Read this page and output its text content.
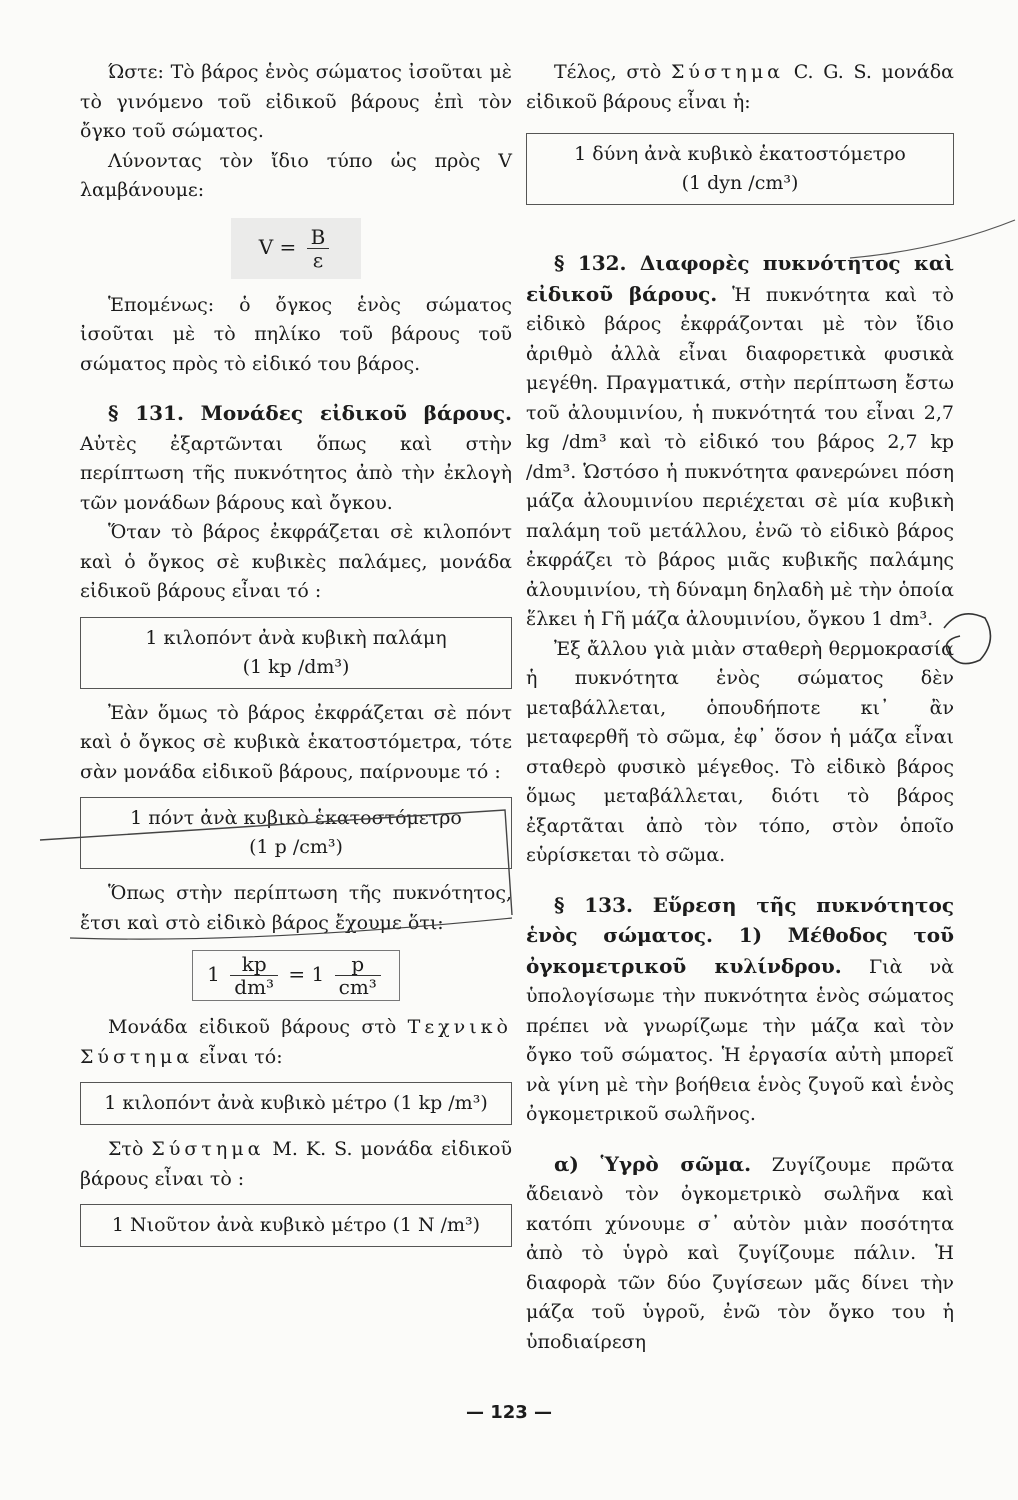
Ώστε: Τὸ βάρος ἑνὸς σώματος ἰσοῦται μὲ τὸ γινόμενο τοῦ εἰδικοῦ βάρους ἐπὶ τὸν ὄγκο τοῦ σώματος.

Λύνοντας τὸν ἴδιο τύπο ὡς πρὸς V λαμβάνουμε:

$V = \frac{B}{\varepsilon}$

Ἑπομένως: ὁ ὄγκος ἑνὸς σώματος ἰσοῦται μὲ τὸ πηλίκο τοῦ βάρους τοῦ σώματος πρὸς τὸ εἰδικό του βάρος.

§ 131. Μονάδες εἰδικοῦ βάρους. Αὐτὲς ἐξαρτῶνται ὅπως καὶ στὴν περίπτωση τῆς πυκνότητος ἀπὸ τὴν ἐκλογὴ τῶν μονάδων βάρους καὶ ὄγκου.

Ὅταν τὸ βάρος ἐκφράζεται σὲ κιλοπόντ καὶ ὁ ὄγκος σὲ κυβικὲς παλάμες, μονάδα εἰδικοῦ βάρους εἶναι τό :

1 κιλοπόντ ἀνὰ κυβικὴ παλάμη
(1 kp /dm³)

Ἐὰν ὅμως τὸ βάρος ἐκφράζεται σὲ πόντ καὶ ὁ ὄγκος σὲ κυβικὰ ἑκατοστόμετρα, τότε σὰν μονάδα εἰδικοῦ βάρους, παίρνουμε τό :

1 πόντ ἀνὰ κυβικὸ ἑκατοστόμετρο
(1 p /cm³)

Ὅπως στὴν περίπτωση τῆς πυκνότητος, ἔτσι καὶ στὸ εἰδικὸ βάρος ἔχουμε ὅτι:

$1 \frac{kp}{\text{dm³}} = 1 \frac{p}{\text{cm³}}$

Μονάδα εἰδικοῦ βάρους στὸ Τεχνικὸ Σύστημα εἶναι τό:

1 κιλοπόντ ἀνὰ κυβικὸ μέτρο (1 kp /m³)

Στὸ Σύστημα M. K. S. μονάδα εἰδικοῦ βάρους εἶναι τὸ :

1 Νιοῦτον ἀνὰ κυβικὸ μέτρο (1 N /m³)

Τέλος, στὸ Σύστημα C. G. S. μονάδα εἰδικοῦ βάρους εἶναι ἡ:

1 δύνη ἀνὰ κυβικὸ ἑκατοστόμετρο
(1 dyn /cm³)

§ 132. Διαφορὲς πυκνότητος καὶ εἰδικοῦ βάρους. Ἡ πυκνότητα καὶ τὸ εἰδικὸ βάρος ἐκφράζονται μὲ τὸν ἴδιο ἀριθμὸ ἀλλὰ εἶναι διαφορετικὰ φυσικὰ μεγέθη. Πραγματικά, στὴν περίπτωση ἔστω τοῦ ἀλουμινίου, ἡ πυκνότητά του εἶναι 2,7 kg /dm³ καὶ τὸ εἰδικό του βάρος 2,7 kp /dm³. Ὡστόσο ἡ πυκνότητα φανερώνει πόση μάζα ἀλουμινίου περιέχεται σὲ μία κυβικὴ παλάμη τοῦ μετάλλου, ἐνῶ τὸ εἰδικὸ βάρος ἐκφράζει τὸ βάρος μιᾶς κυβικῆς παλάμης ἀλουμινίου, τὴ δύναμη δηλαδὴ μὲ τὴν ὁποία ἕλκει ἡ Γῆ μάζα ἀλουμινίου, ὄγκου 1 dm³.

Ἐξ ἄλλου γιὰ μιὰν σταθερὴ θερμοκρασία ἡ πυκνότητα ἑνὸς σώματος δὲν μεταβάλλεται, ὁπουδήποτε κι᾽ ἂν μεταφερθῆ τὸ σῶμα, ἐφ᾽ ὅσον ἡ μάζα εἶναι σταθερὸ φυσικὸ μέγεθος. Τὸ εἰδικὸ βάρος ὅμως μεταβάλλεται, διότι τὸ βάρος ἐξαρτᾶται ἀπὸ τὸν τόπο, στὸν ὁποῖο εὑρίσκεται τὸ σῶμα.

§ 133. Εὕρεση τῆς πυκνότητος ἑνὸς σώματος. 1) Μέθοδος τοῦ ὀγκομετρικοῦ κυλίνδρου. Γιὰ νὰ ὑπολογίσωμε τὴν πυκνότητα ἑνὸς σώματος πρέπει νὰ γνωρίζωμε τὴν μάζα καὶ τὸν ὄγκο τοῦ σώματος. Ἡ ἐργασία αὐτὴ μπορεῖ νὰ γίνη μὲ τὴν βοήθεια ἑνὸς ζυγοῦ καὶ ἑνὸς ὀγκομετρικοῦ σωλῆνος.

α) Ὑγρὸ σῶμα. Ζυγίζουμε πρῶτα ἄδειανὸ τὸν ὀγκομετρικὸ σωλῆνα καὶ κατόπι χύνουμε σ᾽ αὐτὸν μιὰν ποσότητα ἀπὸ τὸ ὑγρὸ καὶ ζυγίζουμε πάλιν. Ἡ διαφορὰ τῶν δύο ζυγίσεων μᾶς δίνει τὴν μάζα τοῦ ὑγροῦ, ἐνῶ τὸν ὄγκο του ἡ ὑποδιαίρεση

— 123 —
